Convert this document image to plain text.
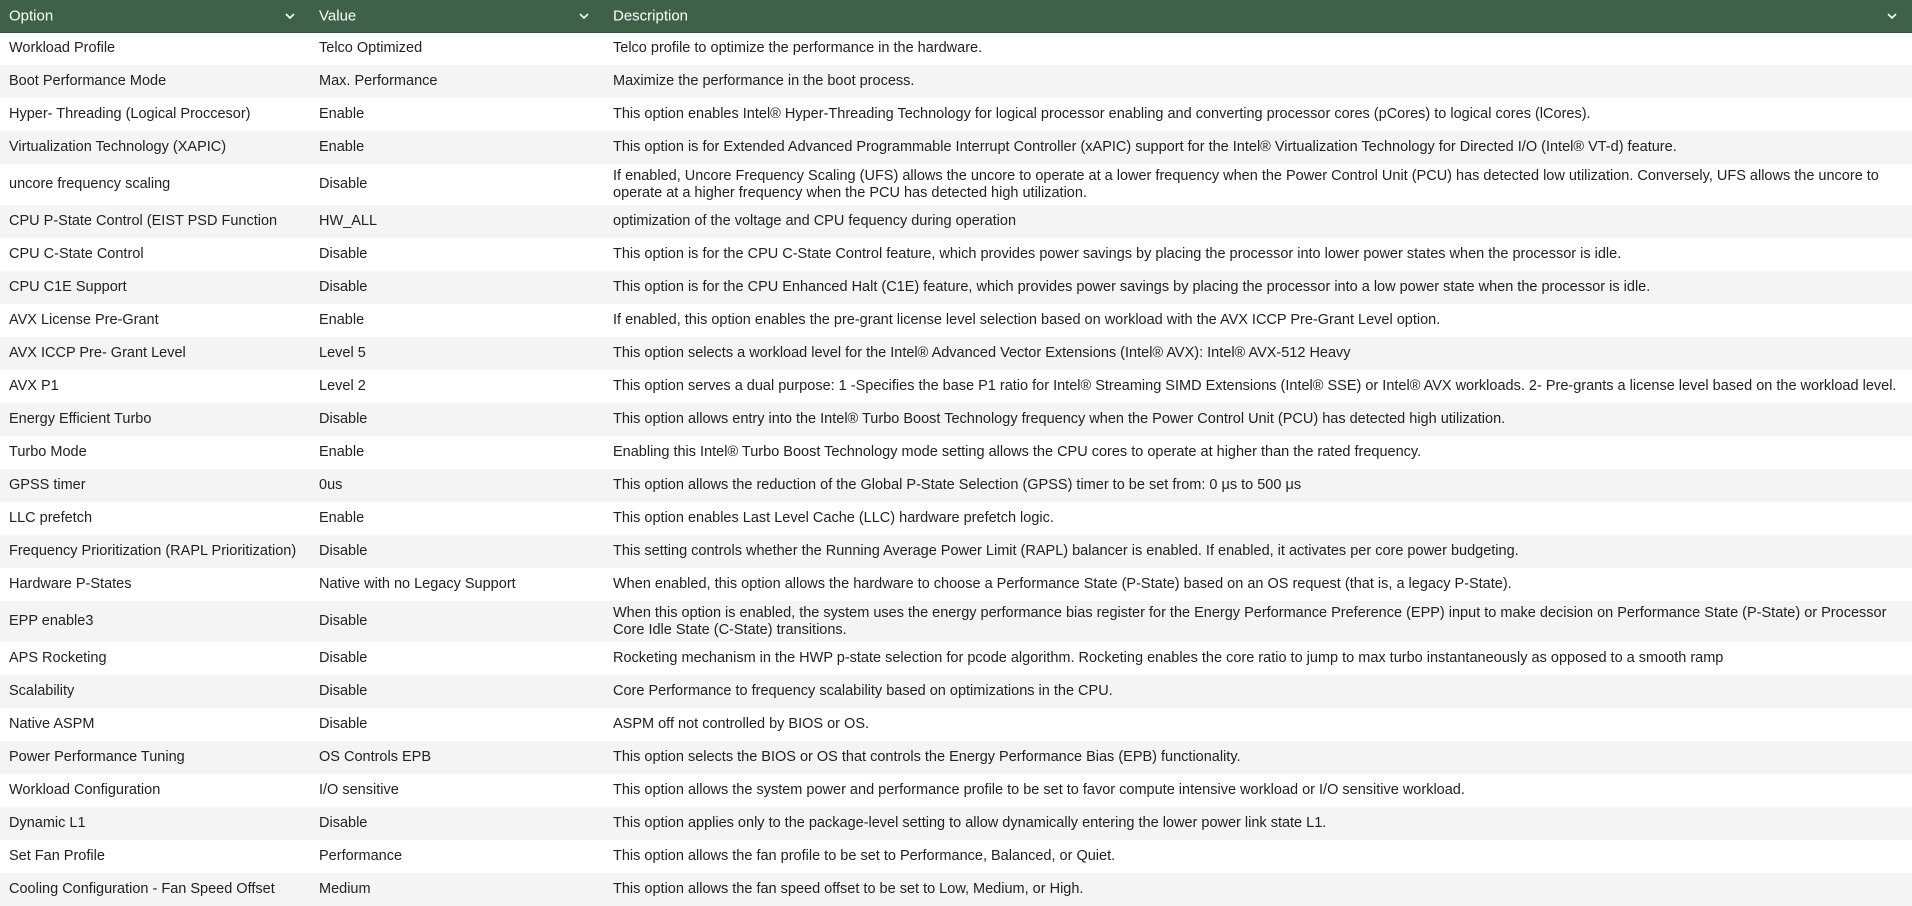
Option	Value	Description

Workload Profile	Telco Optimized	Telco profile to optimize the performance in the hardware.
Boot Performance Mode	Max. Performance	Maximize the performance in the boot process.
Hyper- Threading (Logical Proccesor)	Enable	This option enables Intel® Hyper-Threading Technology for logical processor enabling and converting processor cores (pCores) to logical cores (lCores).
Virtualization Technology (XAPIC)	Enable	This option is for Extended Advanced Programmable Interrupt Controller (xAPIC) support for the Intel® Virtualization Technology for Directed I/O (Intel® VT-d) feature.
uncore frequency scaling	Disable	If enabled, Uncore Frequency Scaling (UFS) allows the uncore to operate at a lower frequency when the Power Control Unit (PCU) has detected low utilization. Conversely, UFS allows the uncore to operate at a higher frequency when the PCU has detected high utilization.
CPU P-State Control (EIST PSD Function	HW_ALL	optimization of the voltage and CPU fequency during operation
CPU C-State Control	Disable	This option is for the CPU C-State Control feature, which provides power savings by placing the processor into lower power states when the processor is idle.
CPU C1E Support	Disable	This option is for the CPU Enhanced Halt (C1E) feature, which provides power savings by placing the processor into a low power state when the processor is idle.
AVX License Pre-Grant	Enable	If enabled, this option enables the pre-grant license level selection based on workload with the AVX ICCP Pre-Grant Level option.
AVX ICCP Pre- Grant Level	Level 5	This option selects a workload level for the Intel® Advanced Vector Extensions (Intel® AVX): Intel® AVX-512 Heavy
AVX P1	Level 2	This option serves a dual purpose: 1 -Specifies the base P1 ratio for Intel® Streaming SIMD Extensions (Intel® SSE) or Intel® AVX workloads. 2- Pre-grants a license level based on the workload level.
Energy Efficient Turbo	Disable	This option allows entry into the Intel® Turbo Boost Technology frequency when the Power Control Unit (PCU) has detected high utilization.
Turbo Mode	Enable	Enabling this Intel® Turbo Boost Technology mode setting allows the CPU cores to operate at higher than the rated frequency.
GPSS timer	0us	This option allows the reduction of the Global P-State Selection (GPSS) timer to be set from: 0 μs to 500 μs
LLC prefetch	Enable	This option enables Last Level Cache (LLC) hardware prefetch logic.
Frequency Prioritization (RAPL Prioritization)	Disable	This setting controls whether the Running Average Power Limit (RAPL) balancer is enabled. If enabled, it activates per core power budgeting.
Hardware P-States	Native with no Legacy Support	When enabled, this option allows the hardware to choose a Performance State (P-State) based on an OS request (that is, a legacy P-State).
EPP enable3	Disable	When this option is enabled, the system uses the energy performance bias register for the Energy Performance Preference (EPP) input to make decision on Performance State (P-State) or Processor Core Idle State (C-State) transitions.
APS Rocketing	Disable	Rocketing mechanism in the HWP p-state selection for pcode algorithm. Rocketing enables the core ratio to jump to max turbo instantaneously as opposed to a smooth ramp
Scalability	Disable	Core Performance to frequency scalability based on optimizations in the CPU.
Native ASPM	Disable	ASPM off not controlled by BIOS or OS.
Power Performance Tuning	OS Controls EPB	This option selects the BIOS or OS that controls the Energy Performance Bias (EPB) functionality.
Workload Configuration	I/O sensitive	This option allows the system power and performance profile to be set to favor compute intensive workload or I/O sensitive workload.
Dynamic L1	Disable	This option applies only to the package-level setting to allow dynamically entering the lower power link state L1.
Set Fan Profile	Performance	This option allows the fan profile to be set to Performance, Balanced, or Quiet.
Cooling Configuration - Fan Speed Offset	Medium	This option allows the fan speed offset to be set to Low, Medium, or High.
